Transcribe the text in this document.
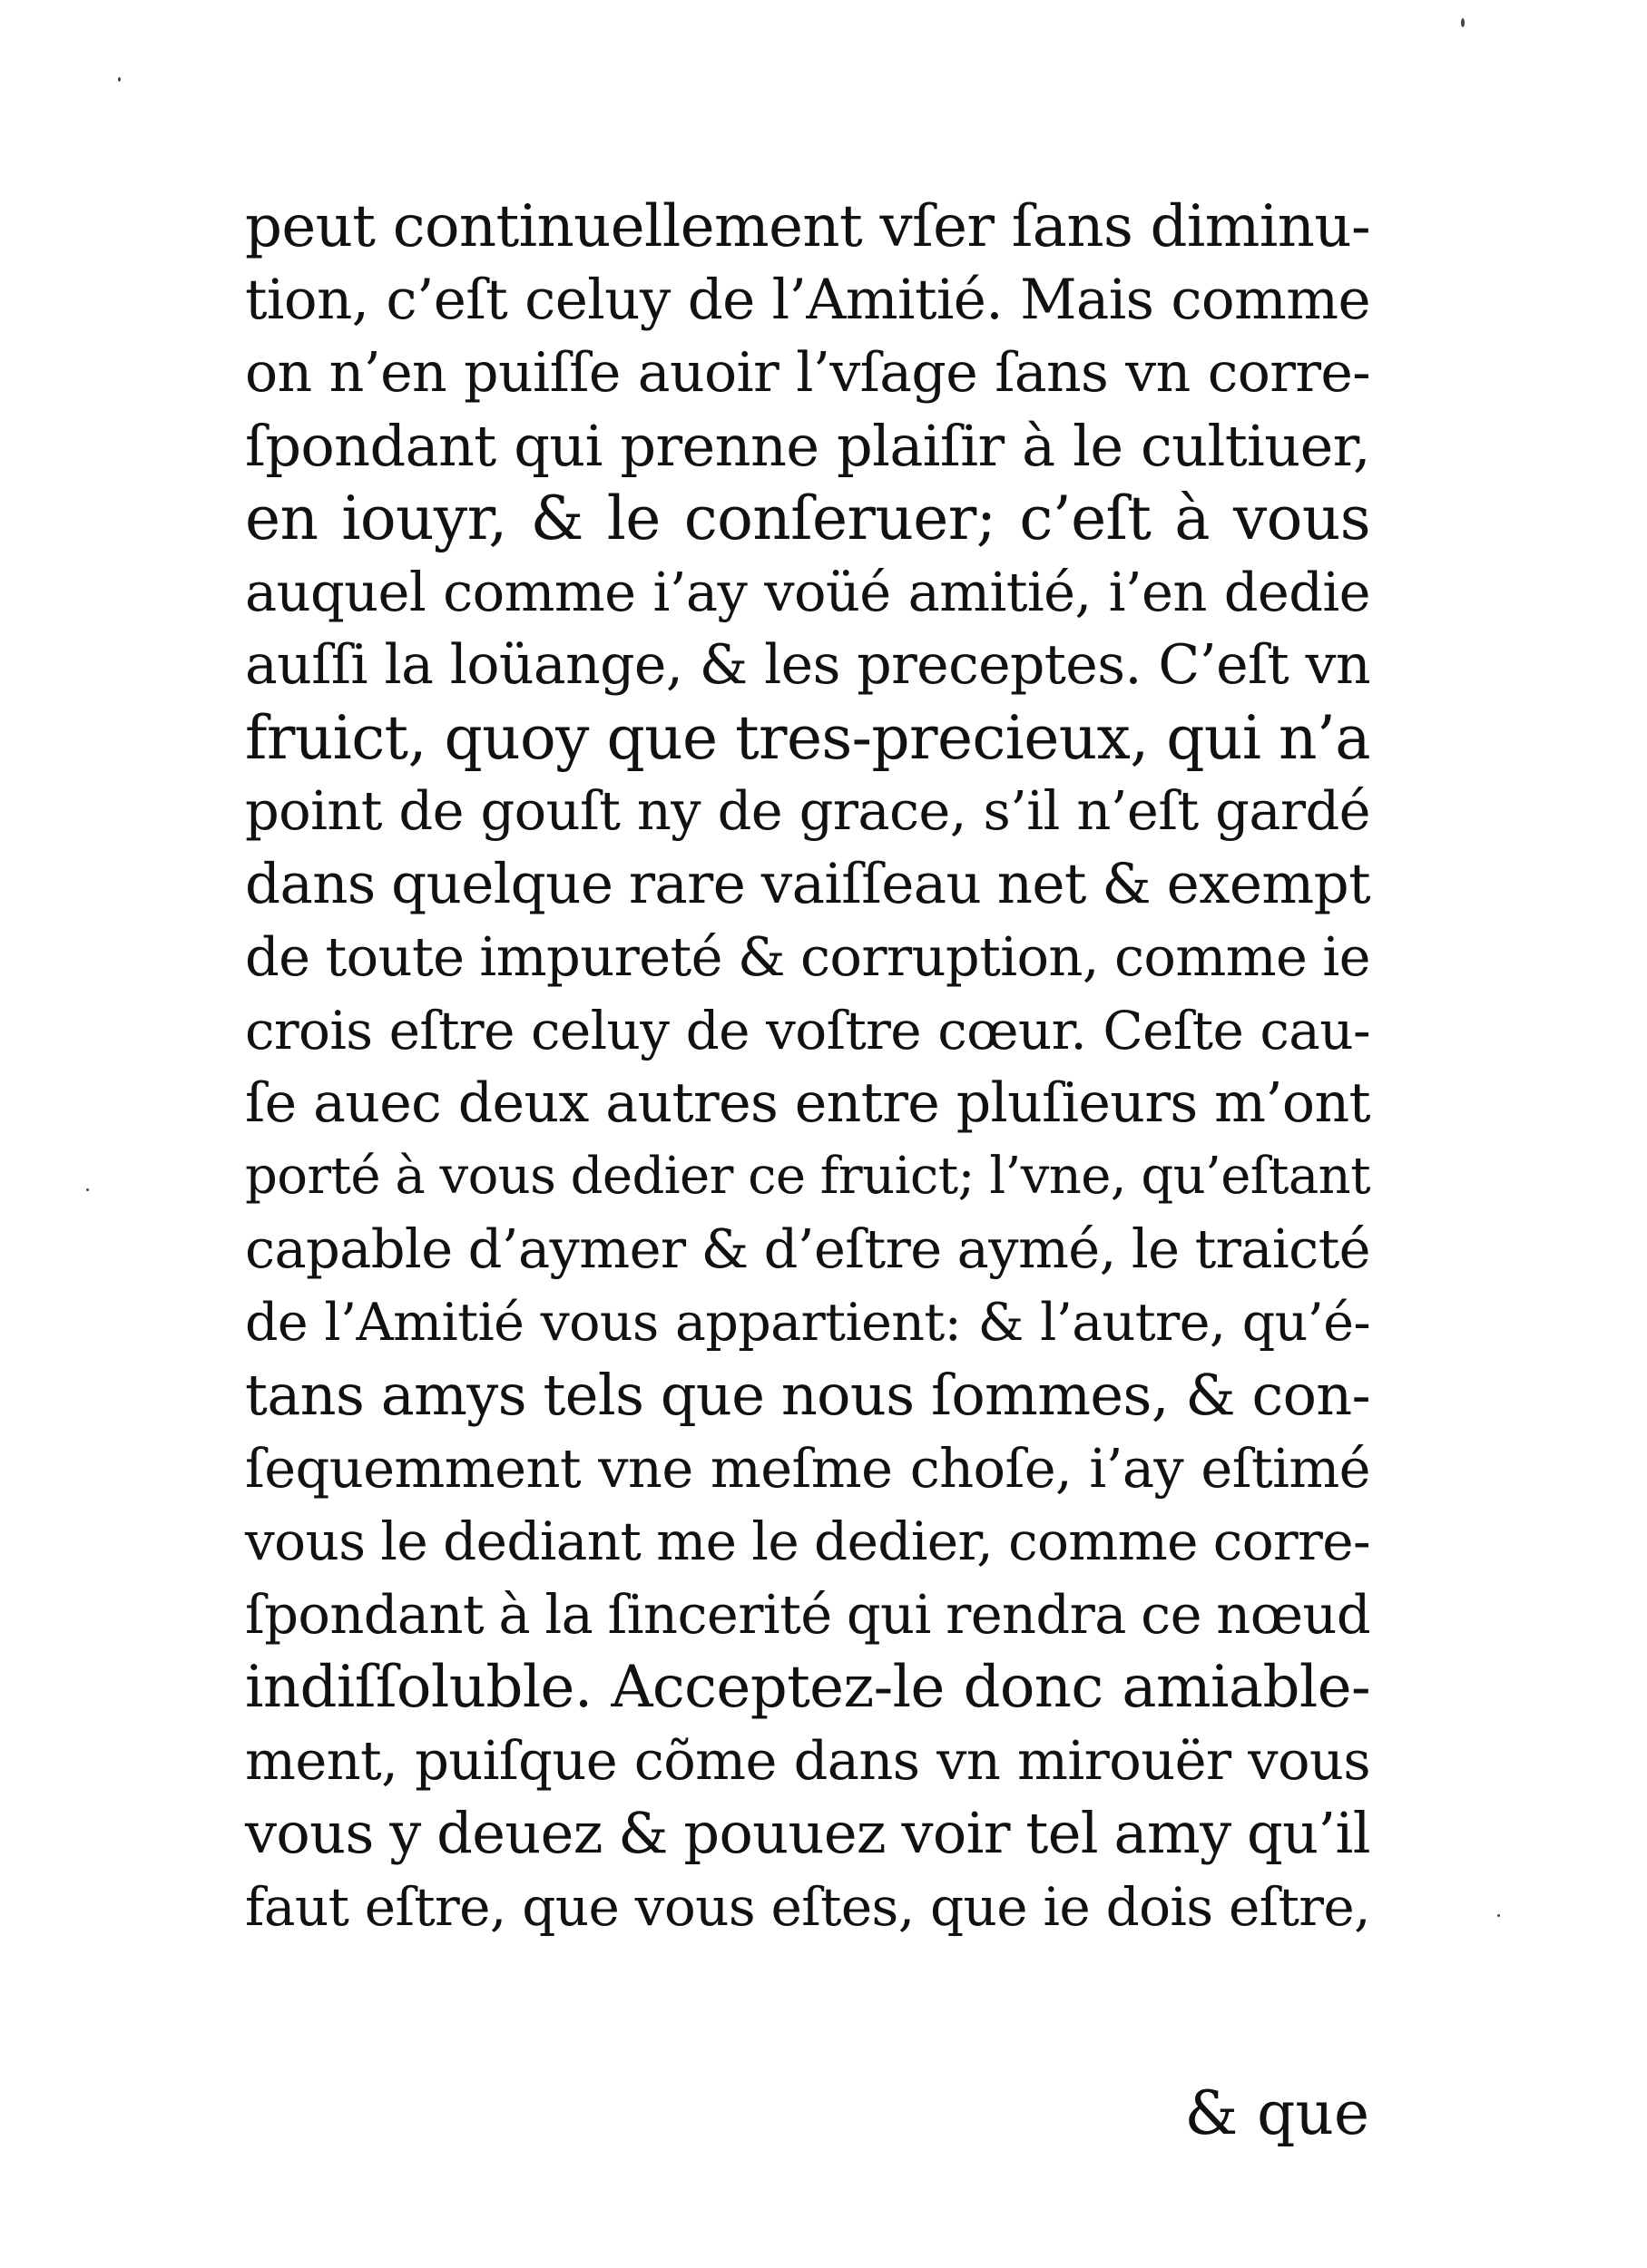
peut continuellement vſer ſans diminu-
tion, c’eſt celuy de l’Amitié. Mais comme
on n’en puiſſe auoir l’vſage ſans vn corre-
ſpondant qui prenne plaiſir à le cultiuer,
en iouyr, & le conſeruer; c’eſt à vous
auquel comme i’ay voüé amitié, i’en dedie
auſſi la loüange, & les preceptes. C’eſt vn
fruict, quoy que tres-precieux, qui n’a
point de gouſt ny de grace, s’il n’eſt gardé
dans quelque rare vaiſſeau net & exempt
de toute impureté & corruption, comme ie
crois eſtre celuy de voſtre cœur. Ceſte cau-
ſe auec deux autres entre pluſieurs m’ont
porté à vous dedier ce fruict; l’vne, qu’eſtant
capable d’aymer & d’eſtre aymé, le traicté
de l’Amitié vous appartient: & l’autre, qu’é-
tans amys tels que nous ſommes, & con-
ſequemment vne meſme choſe, i’ay eſtimé
vous le dediant me le dedier, comme corre-
ſpondant à la ſincerité qui rendra ce nœud
indiſſoluble. Acceptez-le donc amiable-
ment, puiſque cõme dans vn mirouër vous
vous y deuez & pouuez voir tel amy qu’il
faut eſtre, que vous eſtes, que ie dois eſtre,
& que
